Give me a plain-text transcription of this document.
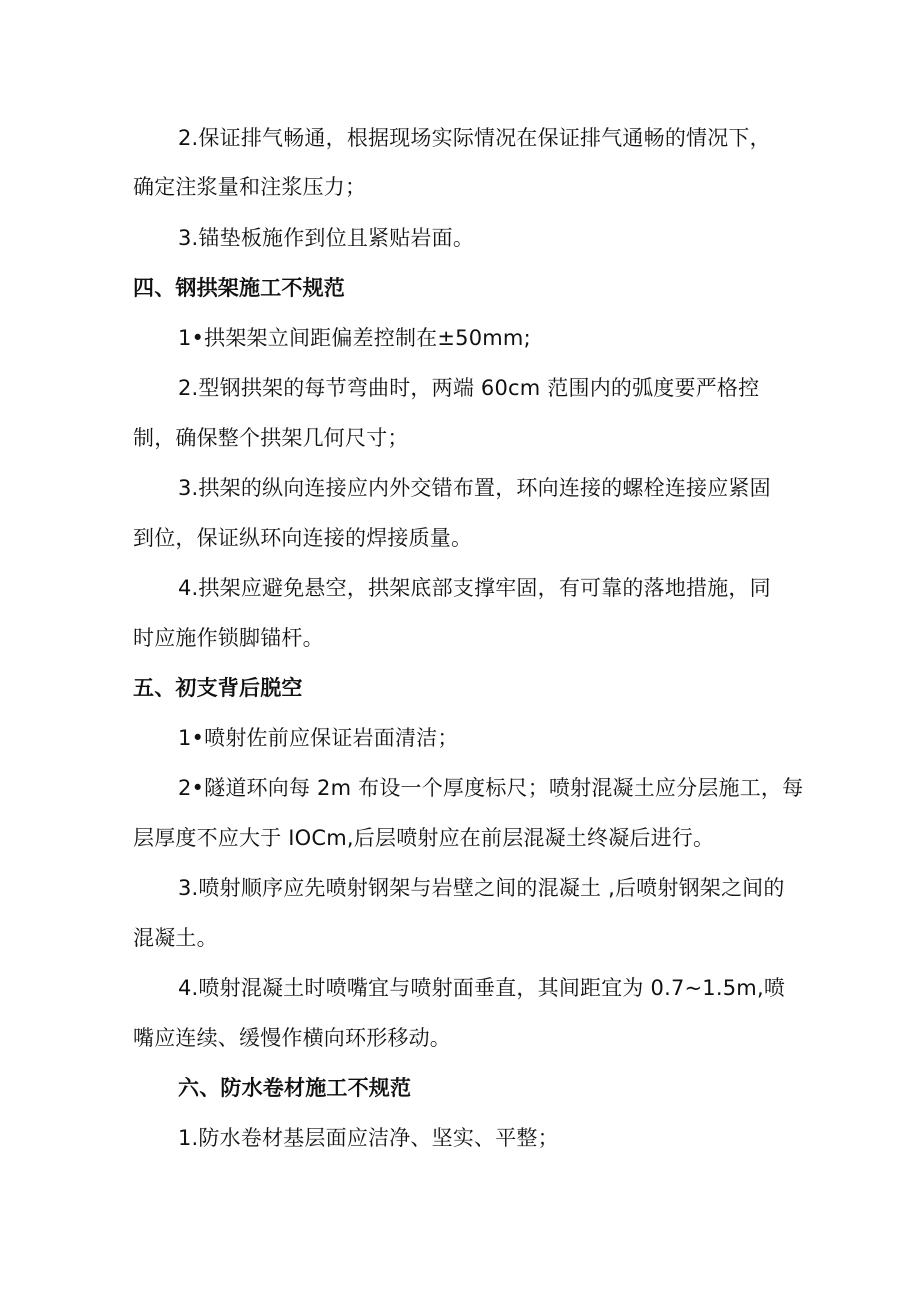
2.保证排气畅通，根据现场实际情况在保证排气通畅的情况下，
确定注浆量和注浆压力；
3.锚垫板施作到位且紧贴岩面。
四、钢拱架施工不规范
1•拱架架立间距偏差控制在±50mm;
2.型钢拱架的每节弯曲时，两端 60cm 范围内的弧度要严格控
制，确保整个拱架几何尺寸；
3.拱架的纵向连接应内外交错布置，环向连接的螺栓连接应紧固
到位，保证纵环向连接的焊接质量。
4.拱架应避免悬空，拱架底部支撑牢固，有可靠的落地措施，同
时应施作锁脚锚杆。
五、初支背后脱空
1•喷射佐前应保证岩面清洁；
2•隧道环向每 2m 布设一个厚度标尺；喷射混凝土应分层施工，每
层厚度不应大于 IOCm,后层喷射应在前层混凝土终凝后进行。
3.喷射顺序应先喷射钢架与岩壁之间的混凝土 ,后喷射钢架之间的
混凝土。
4.喷射混凝土时喷嘴宜与喷射面垂直，其间距宜为 0.7~1.5m,喷
嘴应连续、缓慢作横向环形移动。
六、防水卷材施工不规范
1.防水卷材基层面应洁净、坚实、平整；
